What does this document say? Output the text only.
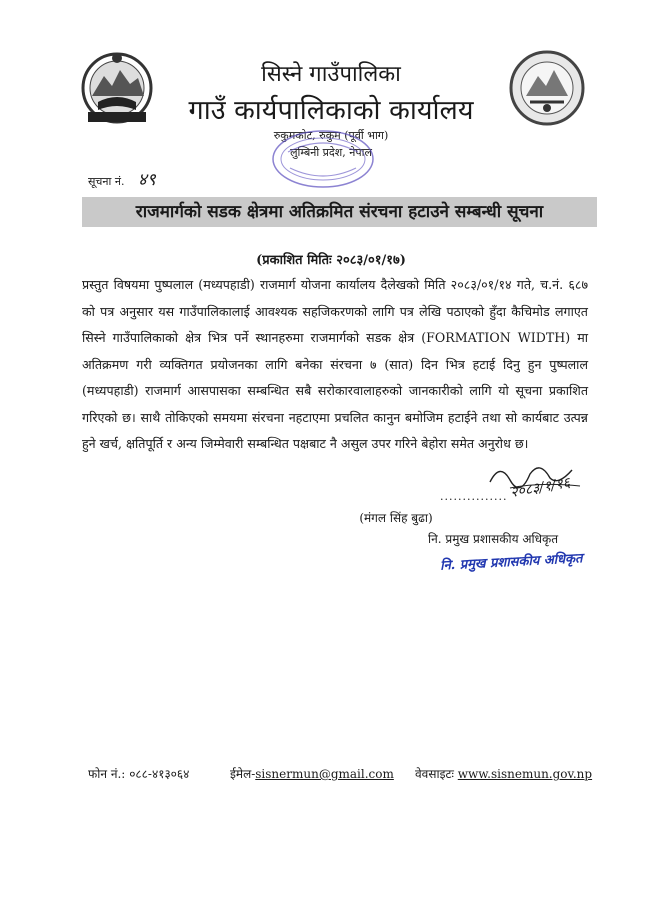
सिस्ने गाउँपालिका
गाउँ कार्यपालिकाको कार्यालय
रुकुमकोट, रुकुम (पूर्वी भाग)
लुम्बिनी प्रदेश, नेपाल
सूचना नं. ४९
राजमार्गको सडक क्षेत्रमा अतिक्रमित संरचना हटाउने सम्बन्धी सूचना
(प्रकाशित मितिः २०८३/०१/१७)
प्रस्तुत विषयमा पुष्पलाल (मध्यपहाडी) राजमार्ग योजना कार्यालय दैलेखको मिति २०८३/०१/१४ गते, च.नं. ६८७ को पत्र अनुसार यस गाउँपालिकालाई आवश्यक सहजिकरणको लागि पत्र लेखि पठाएको हुँदा कैचिमोड लगाएत सिस्ने गाउँपालिकाको क्षेत्र भित्र पर्ने स्थानहरुमा राजमार्गको सडक क्षेत्र (FORMATION WIDTH) मा अतिक्रमण गरी व्यक्तिगत प्रयोजनका लागि बनेका संरचना ७ (सात) दिन भित्र हटाई दिनु हुन पुष्पलाल (मध्यपहाडी) राजमार्ग आसपासका सम्बन्धित सबै सरोकारवालाहरुको जानकारीको लागि यो सूचना प्रकाशित गरिएको छ। साथै तोकिएको समयमा संरचना नहटाएमा प्रचलित कानुन बमोजिम हटाईने तथा सो कार्यबाट उत्पन्न हुने खर्च, क्षतिपूर्ति र अन्य जिम्मेवारी सम्बन्धित पक्षबाट नै असुल उपर गरिने बेहोरा समेत अनुरोध छ।
............... २०८३/१/१६
(मंगल सिंह बुढा)
नि. प्रमुख प्रशासकीय अधिकृत
नि. प्रमुख प्रशासकीय अधिकृत
फोन नं.: ०८८-४१३०६४	ईमेल-sisnermun@gmail.com वेवसाइटः www.sisnemun.gov.np
